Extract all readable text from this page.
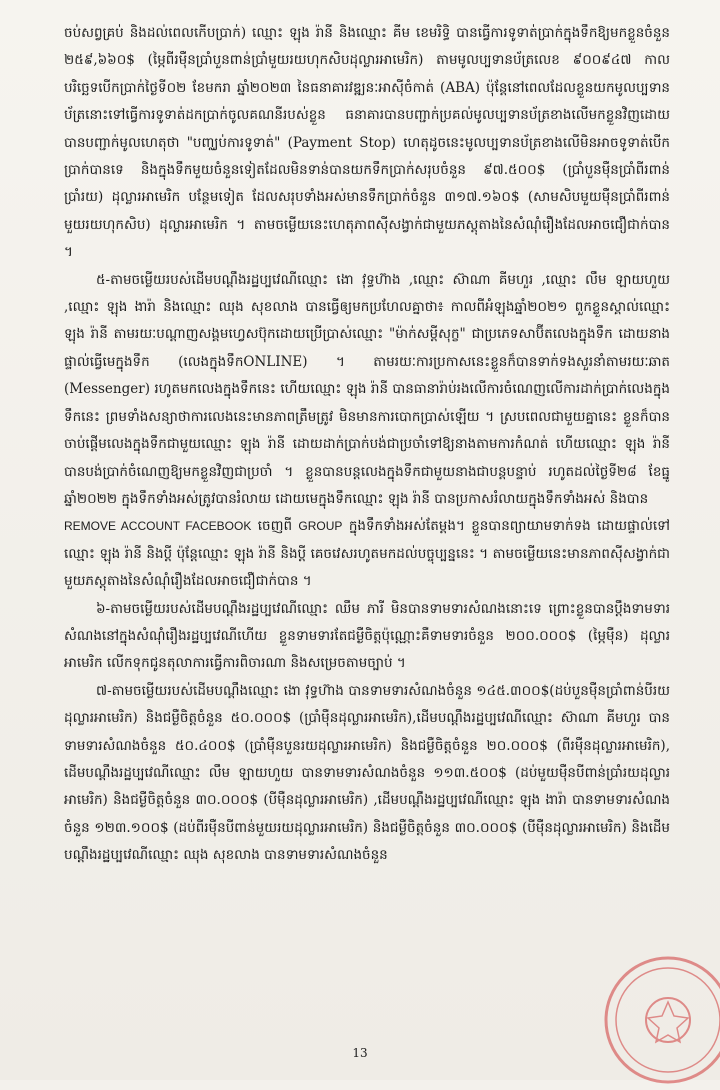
ចប់សព្វគ្រប់ និងដល់ពេលកើបប្រាក់) ឈ្មោះ ឡុង រ៉ានី និងឈ្មោះ គីម ខេមរិទ្ធិ បានធ្វើការទូទាត់ប្រាក់ក្នុងទឹកឱ្យមកខ្លួនចំនួន ២៥៩,៦៦០$ (ម្ភៃពីរម៉ឺនប្រាំបួនពាន់ប្រាំមួយរយហុកសិបដុល្លារអាមេរិក) តាមមូលប្បទានប័ត្រលេខ ៩០០៩៤៧ កាលបរិច្ឆេទបើកប្រាក់ថ្ងៃទី០២ ខែមករា ឆ្នាំ២០២៣ នៃធនាគារវឌ្ឍនៈអាស៊ីចំកាត់ (ABA) ប៉ុន្តែនៅពេលដែលខ្លួនយកមូលប្បទានប័ត្រនោះទៅធ្វើការទូទាត់ដកប្រាក់ចូលគណនីរបស់ខ្លួន ធនាគារបានបញ្ជាក់ប្រគល់មូលប្បទានប័ត្រខាងលើមកខ្លួនវិញដោយបានបញ្ជាក់មូលហេតុថា "បញ្ឈប់ការទូទាត់" (Payment Stop) ហេតុដូចនេះមូលប្បទានប័ត្រខាងលើមិនអាចទូទាត់បើកប្រាក់បានទេ និងក្នុងទឹកមួយចំនួនទៀតដែលមិនទាន់បានយកទឹកប្រាក់សរុបចំនួន ៩៧.៥០០$ (ប្រាំបួនម៉ឺនប្រាំពីរពាន់ប្រាំរយ) ដុល្លារអាមេរិក បន្ថែមទៀត ដែលសរុបទាំងអស់មានទឹកប្រាក់ចំនួន ៣១៧.១៦០$ (សាមសិបមួយម៉ឺនប្រាំពីរពាន់មួយរយហុកសិប) ដុល្លារអាមេរិក ។ តាមចម្លើយនេះហេតុភាពស៊ីសង្វាក់ជាមួយភស្តុតាងនៃសំណុំរឿងដែលអាចជឿជាក់បាន ។

៥-តាមចម្លើយរបស់ដើមបណ្តឹងរដ្ឋប្បវេណីឈ្មោះ ងោ វុទ្ធហ៊ាង ,ឈ្មោះ ស៊ាណា គីមហួរ ,ឈ្មោះ លឹម ឡាយហួយ ,ឈ្មោះ ឡុង ងារ៉ា និងឈ្មោះ ឈុង សុខលាង បានធ្វើឲ្យមកប្រហែលគ្នាថា៖ កាលពីអំឡុងឆ្នាំ២០២១ ពួកខ្លួនស្គាល់ឈ្មោះ ឡុង រ៉ានី តាមរយៈបណ្តាញសង្គមហ្វេសប៊ុកដោយប្រើប្រាស់ឈ្មោះ "ម៉ាក់សម្តីសុក្ខ" ជាប្រភេទសាប៊ីតលេងក្នុងទឹក ដោយនាងផ្ទាល់ធ្វើមេក្នុងទឹក (លេងក្នុងទឹកONLINE) ។ តាមរយៈការប្រកាសនេះខ្លួនក៏បានទាក់ទងសួរនាំតាមរយៈឆាត (Messenger) រហូតមកលេងក្នុងទឹកនេះ ហើយឈ្មោះ ឡុង រ៉ានី បានធានារ៉ាប់រងលើការចំណេញលើការដាក់ប្រាក់លេងក្នុងទឹកនេះ ព្រមទាំងសន្យាថាការលេងនេះមានភាពត្រឹមត្រូវ មិនមានការបោកប្រាស់ឡើយ ។ ស្របពេលជាមួយគ្នានេះ ខ្លួនក៏បានចាប់ផ្តើមលេងក្នុងទឹកជាមួយឈ្មោះ ឡុង រ៉ានី ដោយដាក់ប្រាក់បង់ជាប្រចាំទៅឱ្យនាងតាមការកំណត់ ហើយឈ្មោះ ឡុង រ៉ានី បានបង់ប្រាក់ចំណេញឱ្យមកខ្លួនវិញជាប្រចាំ ។ ខ្លួនបានបន្តលេងក្នុងទឹកជាមួយនាងជាបន្តបន្ទាប់ រហូតដល់ថ្ងៃទី២៨ ខែធ្នូ ឆ្នាំ២០២២ ក្នុងទឹកទាំងអស់ត្រូវបានរំលាយ ដោយមេក្នុងទឹកឈ្មោះ ឡុង រ៉ានី បានប្រកាសរំលាយក្នុងទឹកទាំងអស់ និងបាន

REMOVE ACCOUNT FACEBOOK ចេញពី GROUP ក្នុងទឹកទាំងអស់តែម្តង។ ខ្លួនបានព្យាយាមទាក់ទង ដោយផ្ទាល់ទៅឈ្មោះ ឡុង រ៉ានី និងប្តី ប៉ុន្តែឈ្មោះ ឡុង រ៉ានី និងប្តី គេចវេសរហូតមកដល់បច្ចុប្បន្ននេះ ។ តាមចម្លើយនេះមានភាពស៊ីសង្វាក់ជាមួយភស្តុតាងនៃសំណុំរឿងដែលអាចជឿជាក់បាន ។

៦-តាមចម្លើយរបស់ដើមបណ្តឹងរដ្ឋប្បវេណីឈ្មោះ ឈឹម ភារី មិនបានទាមទារសំណងនោះទេ ព្រោះខ្លួនបានប្តឹងទាមទារសំណងនៅក្នុងសំណុំរឿងរដ្ឋប្បវេណីហើយ ខ្លួនទាមទារតែជម្ងឺចិត្តប៉ុណ្ណោះគឺទាមទារចំនួន ២០០.០០០$ (ម្ភៃម៉ឺន) ដុល្លារអាមេរិក លើកទុកជូនតុលាការធ្វើការពិចារណា និងសម្រេចតាមច្បាប់ ។

៧-តាមចម្លើយរបស់ដើមបណ្តឹងឈ្មោះ ងោ វុទ្ធហ៊ាង បានទាមទារសំណងចំនួន ១៤៥.៣០០$(ដប់បួនម៉ឺនប្រាំពាន់បីរយដុល្លារអាមេរិក) និងជម្ងឺចិត្តចំនួន ៥០.០០០$ (ប្រាំម៉ឺនដុល្លារអាមេរិក),ដើមបណ្តឹងរដ្ឋប្បវេណីឈ្មោះ ស៊ាណា គីមហួរ បានទាមទារសំណងចំនួន ៥០.៤០០$ (ប្រាំម៉ឺនបួនរយដុល្លារអាមេរិក) និងជម្ងឺចិត្តចំនួន ២០.០០០$ (ពីរម៉ឺនដុល្លារអាមេរិក), ដើមបណ្តឹងរដ្ឋប្បវេណីឈ្មោះ លឹម ឡាយហួយ បានទាមទារសំណងចំនួន ១១៣.៥០០$ (ដប់មួយម៉ឺនបីពាន់ប្រាំរយដុល្លារអាមេរិក) និងជម្ងឺចិត្តចំនួន ៣០.០០០$ (បីម៉ឺនដុល្លារអាមេរិក) ,ដើមបណ្តឹងរដ្ឋប្បវេណីឈ្មោះ ឡុង ងារ៉ា បានទាមទារសំណងចំនួន ១២៣.១០០$ (ដប់ពីរម៉ឺនបីពាន់មួយរយដុល្លារអាមេរិក) និងជម្ងឺចិត្តចំនួន ៣០.០០០$ (បីម៉ឺនដុល្លារអាមេរិក) និងដើមបណ្តឹងរដ្ឋប្បវេណីឈ្មោះ ឈុង សុខលាង បានទាមទារសំណងចំនួន

13
